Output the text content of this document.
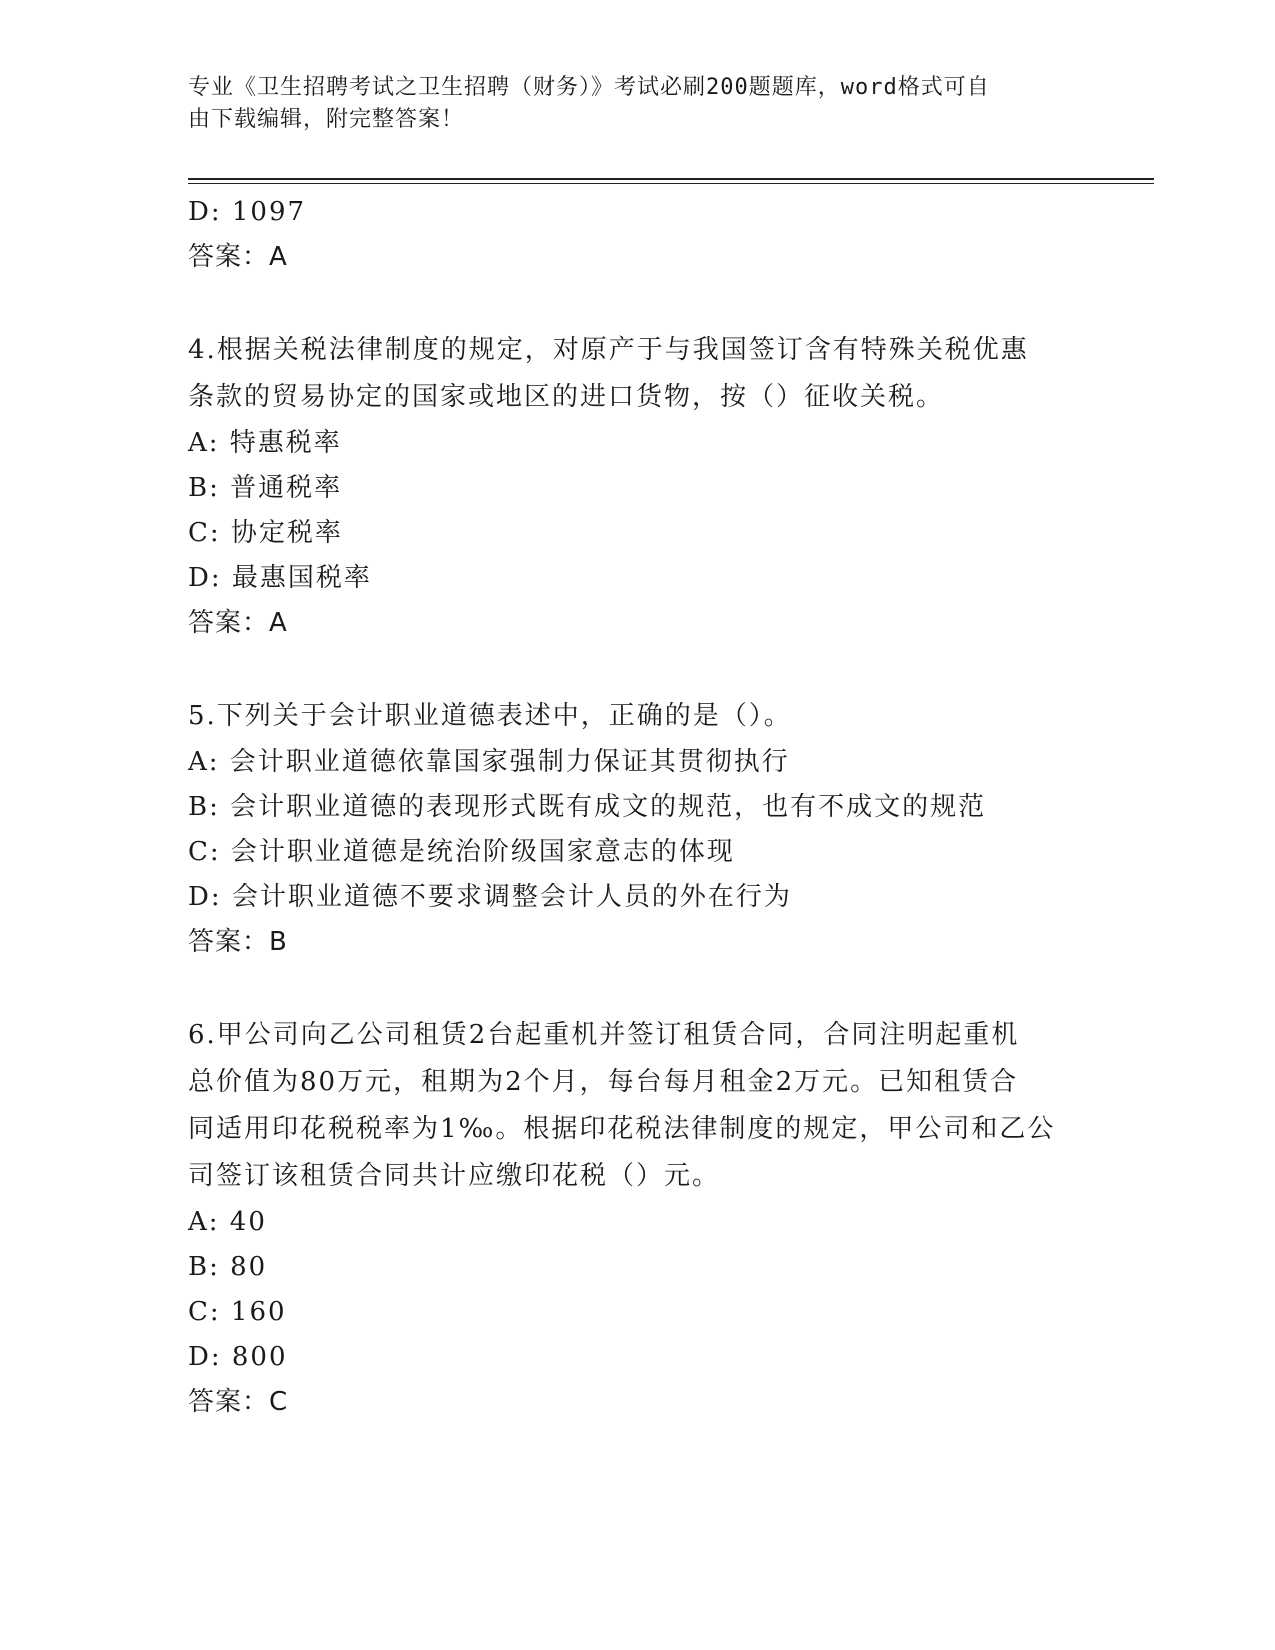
专业《卫生招聘考试之卫生招聘（财务）》考试必刷200题题库，word格式可自
由下载编辑，附完整答案！
D: 1097
答案：A
4.根据关税法律制度的规定，对原产于与我国签订含有特殊关税优惠
条款的贸易协定的国家或地区的进口货物，按（）征收关税。
A: 特惠税率
B: 普通税率
C: 协定税率
D: 最惠国税率
答案：A
5.下列关于会计职业道德表述中，正确的是（）。
A: 会计职业道德依靠国家强制力保证其贯彻执行
B: 会计职业道德的表现形式既有成文的规范，也有不成文的规范
C: 会计职业道德是统治阶级国家意志的体现
D: 会计职业道德不要求调整会计人员的外在行为
答案：B
6.甲公司向乙公司租赁2台起重机并签订租赁合同，合同注明起重机
总价值为80万元，租期为2个月，每台每月租金2万元。已知租赁合
同适用印花税税率为1‰。根据印花税法律制度的规定，甲公司和乙公
司签订该租赁合同共计应缴印花税（）元。
A: 40
B: 80
C: 160
D: 800
答案：C
